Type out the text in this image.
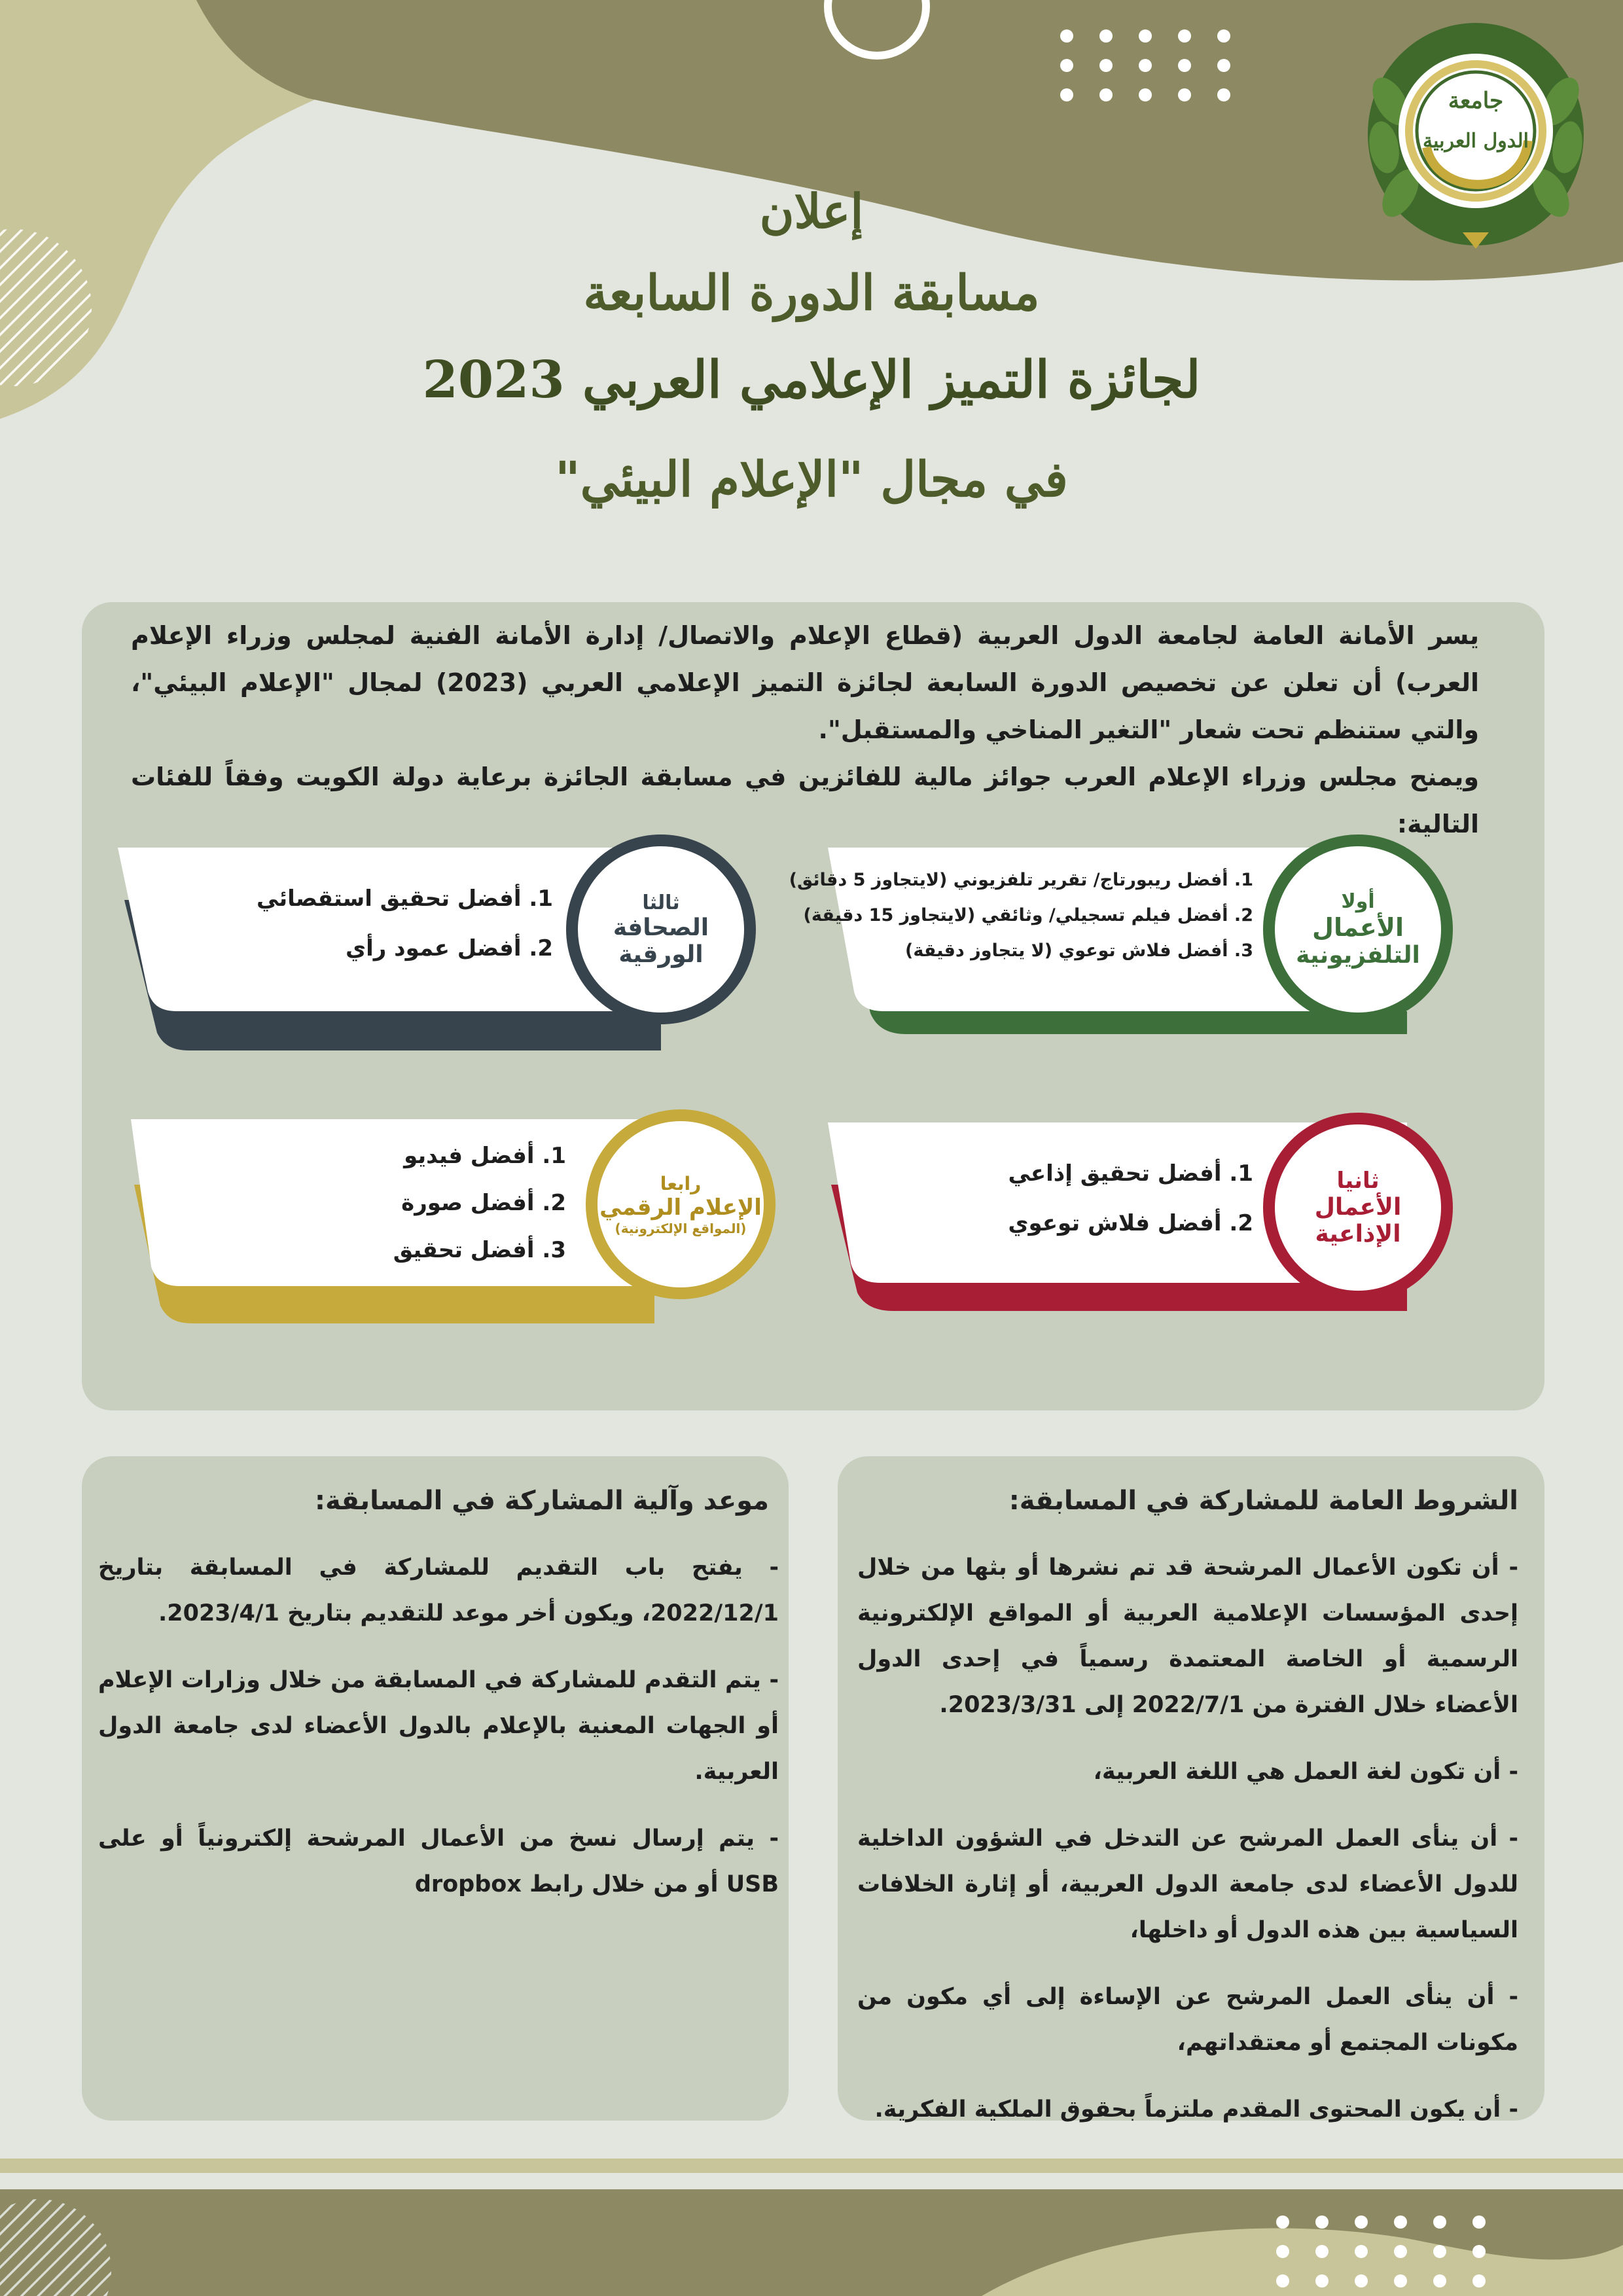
جامعة
الدول العربية
إعلان
مسابقة الدورة السابعة
لجائزة التميز الإعلامي العربي 2023
في مجال "الإعلام البيئي"

يسر الأمانة العامة لجامعة الدول العربية (قطاع الإعلام والاتصال/ إدارة الأمانة الفنية لمجلس وزراء الإعلام العرب) أن تعلن عن تخصيص الدورة السابعة لجائزة التميز الإعلامي العربي (2023) لمجال "الإعلام البيئي"، والتي ستنظم تحت شعار "التغير المناخي والمستقبل".

ويمنح مجلس وزراء الإعلام العرب جوائز مالية للفائزين في مسابقة الجائزة برعاية دولة الكويت وفقاً للفئات التالية:

أولا
الأعمال
التلفزيونية
1. أفضل ريبورتاج/ تقرير تلفزيوني (لايتجاوز 5 دقائق)
2. أفضل فيلم تسجيلي/ وثائقي (لايتجاوز 15 دقيقة)
3. أفضل فلاش توعوي (لا يتجاوز دقيقة)
ثالثا
الصحافة
الورقية
1. أفضل تحقيق استقصائي
2. أفضل عمود رأي
ثانيا
الأعمال
الإذاعية
1. أفضل تحقيق إذاعي
2. أفضل فلاش توعوي
رابعا
الإعلام الرقمي
(المواقع الإلكترونية)
1. أفضل فيديو
2. أفضل صورة
3. أفضل تحقيق
الشروط العامة للمشاركة في المسابقة:

- أن تكون الأعمال المرشحة قد تم نشرها أو بثها من خلال إحدى المؤسسات الإعلامية العربية أو المواقع الإلكترونية الرسمية أو الخاصة المعتمدة رسمياً في إحدى الدول الأعضاء خلال الفترة من 2022/7/1 إلى 2023/3/31.

- أن تكون لغة العمل هي اللغة العربية،

- أن ينأى العمل المرشح عن التدخل في الشؤون الداخلية للدول الأعضاء لدى جامعة الدول العربية، أو إثارة الخلافات السياسية بين هذه الدول أو داخلها،

- أن ينأى العمل المرشح عن الإساءة إلى أي مكون من مكونات المجتمع أو معتقداتهم،

- أن يكون المحتوى المقدم ملتزماً بحقوق الملكية الفكرية.

موعد وآلية المشاركة في المسابقة:

- يفتح باب التقديم للمشاركة في المسابقة بتاريخ 2022/12/1، ويكون أخر موعد للتقديم بتاريخ 2023/4/1.

- يتم التقدم للمشاركة في المسابقة من خلال وزارات الإعلام أو الجهات المعنية بالإعلام بالدول الأعضاء لدى جامعة الدول العربية.

- يتم إرسال نسخ من الأعمال المرشحة إلكترونياً أو على USB أو من خلال رابط dropbox
